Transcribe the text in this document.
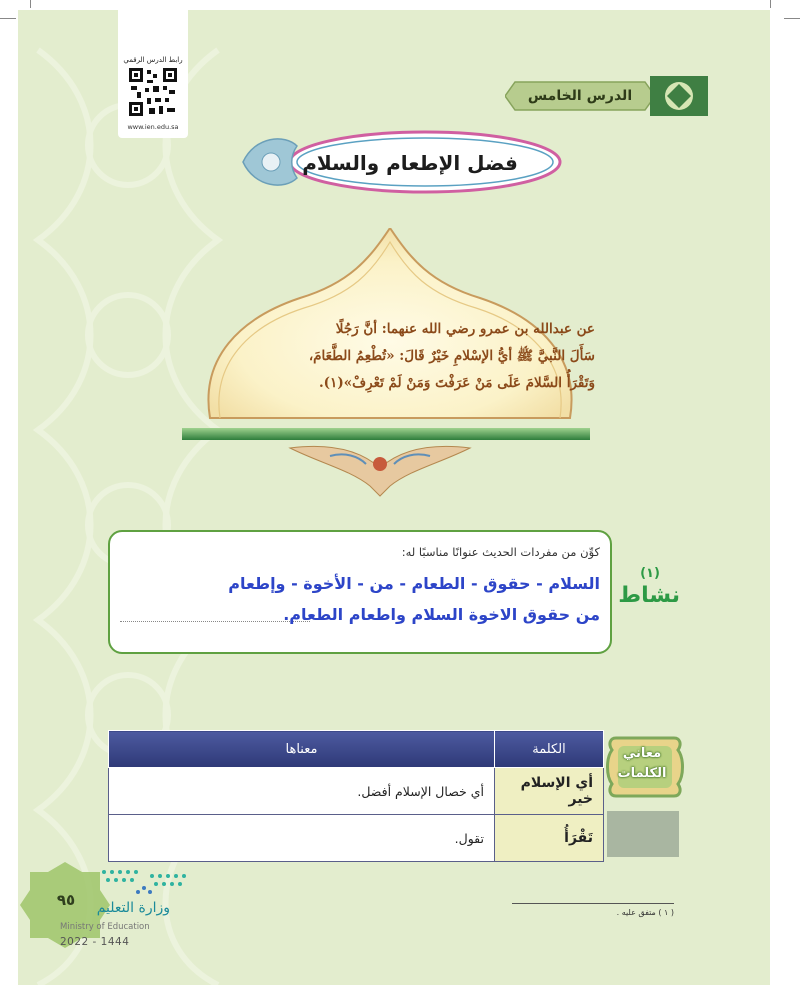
رابط الدرس الرقمي
www.ien.edu.sa
الدرس الخامس
فضل الإطعام والسلام
عن عبدالله بن عمرو رضي الله عنهما: أنَّ رَجُلًا
سَأَلَ النَّبيَّ ﷺ أيُّ الإسْلامِ خَيْرٌ قَالَ: «تُطْعِمُ الطَّعَامَ،
وَتَقْرَأُ السَّلامَ عَلَى مَنْ عَرَفْتَ وَمَنْ لَمْ تَعْرِفْ»(١).
(١)
نشاط
كوِّن من مفردات الحديث عنوانًا مناسبًا له:
السلام - حقوق - الطعام - من - الأخوة - وإطعام
من حقوق الاخوة السلام واطعام الطعام.
معاني الكلمات
الكلمة	معناها
أي الإسلام خير	أي خصال الإسلام أفضل.
تَقْرَأُ	تقول.
٩٥	وزارة التعليم
Ministry of Education
2022 - 1444
( ١ ) متفق عليه .
